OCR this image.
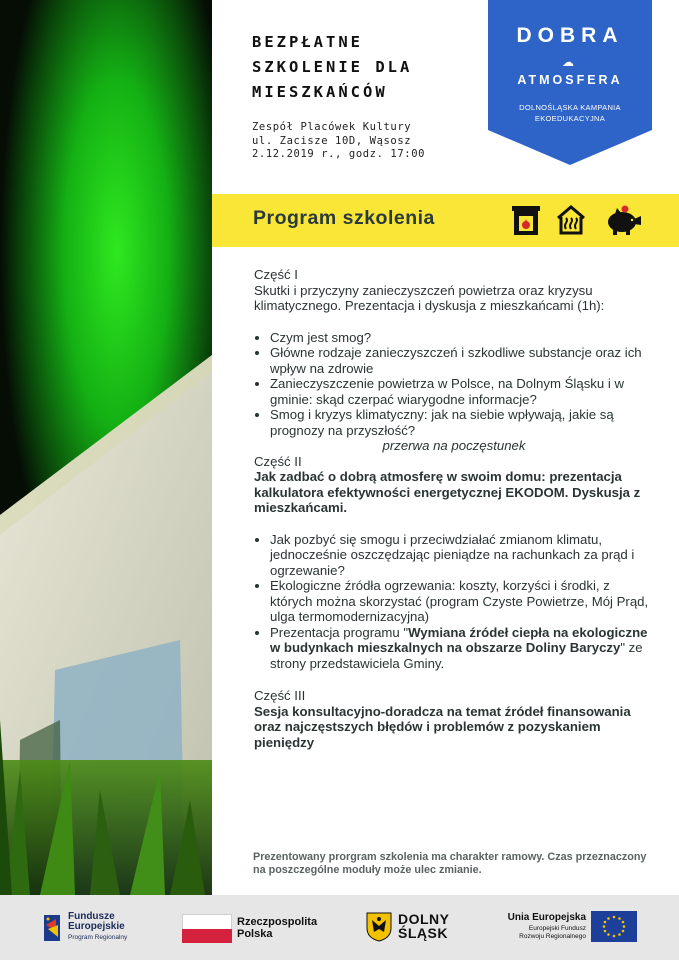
BEZPŁATNE
SZKOLENIE DLA
MIESZKAŃCÓW
Zespół Placówek Kultury
ul. Zacisze 10D, Wąsosz
2.12.2019 r., godz. 17:00
DOBRA
☁
ATMOSFERA
DOLNOŚLĄSKA KAMPANIA
EKOEDUKACYJNA
Program szkolenia

Część I

Skutki i przyczyny zanieczyszczeń powietrza oraz kryzysu klimatycznego. Prezentacja i dyskusja z mieszkańcami (1h):

• Czym jest smog?
• Główne rodzaje zanieczyszczeń i szkodliwe substancje oraz ich wpływ na zdrowie
• Zanieczyszczenie powietrza w Polsce, na Dolnym Śląsku i w gminie: skąd czerpać wiarygodne informacje?
• Smog i kryzys klimatyczny: jak na siebie wpływają, jakie są prognozy na przyszłość?

przerwa na poczęstunek

Część II

Jak zadbać o dobrą atmosferę w swoim domu: prezentacja kalkulatora efektywności energetycznej EKODOM. Dyskusja z mieszkańcami.

• Jak pozbyć się smogu i przeciwdziałać zmianom klimatu, jednocześnie oszczędzając pieniądze na rachunkach za prąd i ogrzewanie?
• Ekologiczne źródła ogrzewania: koszty, korzyści i środki, z których można skorzystać (program Czyste Powietrze, Mój Prąd, ulga termomodernizacyjna)
• Prezentacja programu "Wymiana źródeł ciepła na ekologiczne w budynkach mieszkalnych na obszarze Doliny Baryczy" ze strony przedstawiciela Gminy.

Część III

Sesja konsultacyjno-doradcza na temat źródeł finansowania oraz najczęstszych błędów i problemów z pozyskaniem pieniędzy

Prezentowany prorgram szkolenia ma charakter ramowy. Czas przeznaczony na poszczególne moduły może ulec zmianie.
Fundusze
Europejskie
Program Regionalny
Rzeczpospolita
Polska
DOLNY
ŚLĄSK
Unia Europejska
Europejski Fundusz
Rozwoju Regionalnego
